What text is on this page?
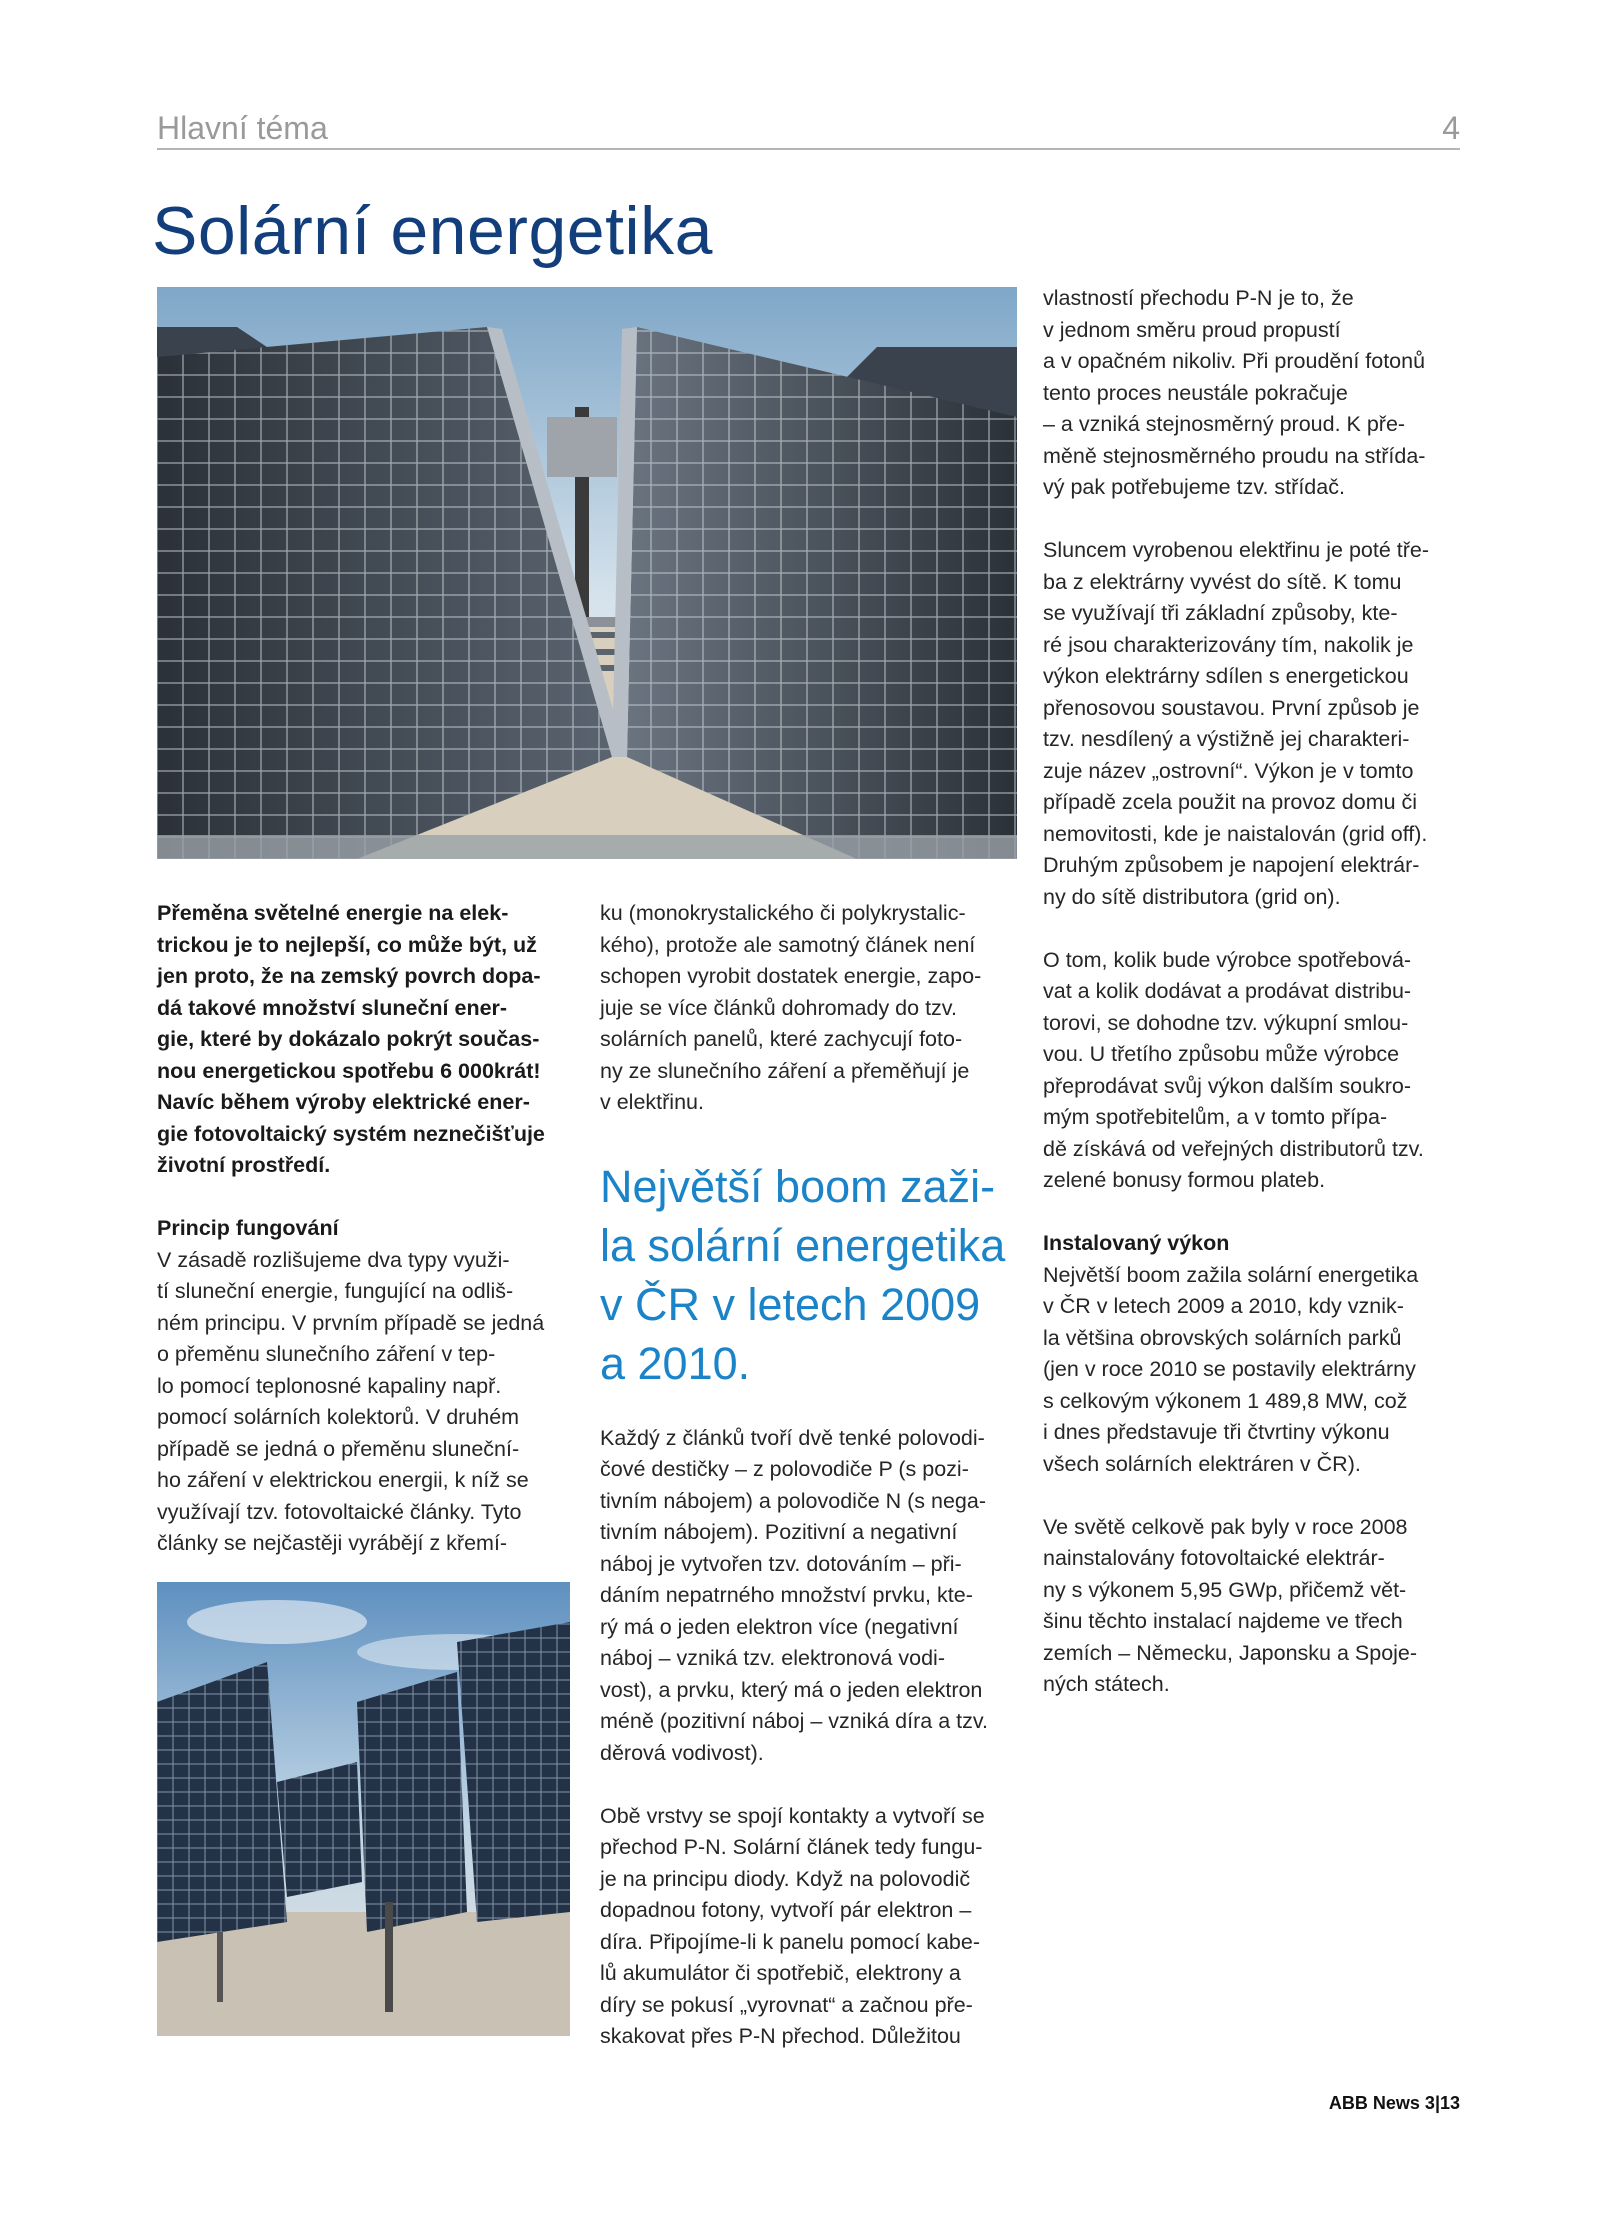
Hlavní téma	4
Solární energetika

Přeměna světelné energie na elek-

trickou je to nejlepší, co může být, už

jen proto, že na zemský povrch dopa-

dá takové množství sluneční ener-

gie, které by dokázalo pokrýt součas-

nou energetickou spotřebu 6 000krát!

Navíc během výroby elektrické ener-

gie fotovoltaický systém neznečišťuje

životní prostředí.

Princip fungování

V zásadě rozlišujeme dva typy využi-

tí sluneční energie, fungující na odliš-

ném principu. V prvním případě se jedná

o přeměnu slunečního záření v tep-

lo pomocí teplonosné kapaliny např.

pomocí solárních kolektorů. V druhém

případě se jedná o přeměnu sluneční-

ho záření v elektrickou energii, k níž se

využívají tzv. fotovoltaické články. Tyto

články se nejčastěji vyrábějí z křemí-

ku (monokrystalického či polykrystalic-

kého), protože ale samotný článek není

schopen vyrobit dostatek energie, zapo-

juje se více článků dohromady do tzv.

solárních panelů, které zachycují foto-

ny ze slunečního záření a přeměňují je

v elektřinu.

Největší boom zaži-

la solární energetika

v ČR v letech 2009

a 2010.

Každý z článků tvoří dvě tenké polovodi-

čové destičky – z polovodiče P (s pozi-

tivním nábojem) a polovodiče N (s nega-

tivním nábojem). Pozitivní a negativní

náboj je vytvořen tzv. dotováním – při-

dáním nepatrného množství prvku, kte-

rý má o jeden elektron více (negativní

náboj – vzniká tzv. elektronová vodi-

vost), a prvku, který má o jeden elektron

méně (pozitivní náboj – vzniká díra a tzv.

děrová vodivost).

Obě vrstvy se spojí kontakty a vytvoří se

přechod P-N. Solární článek tedy fungu-

je na principu diody. Když na polovodič

dopadnou fotony, vytvoří pár elektron –

díra. Připojíme-li k panelu pomocí kabe-

lů akumulátor či spotřebič, elektrony a

díry se pokusí „vyrovnat“ a začnou pře-

skakovat přes P-N přechod. Důležitou

vlastností přechodu P-N je to, že

v jednom směru proud propustí

a v opačném nikoliv. Při proudění fotonů

tento proces neustále pokračuje

– a vzniká stejnosměrný proud. K pře-

měně stejnosměrného proudu na střída-

vý pak potřebujeme tzv. střídač.

Sluncem vyrobenou elektřinu je poté tře-

ba z elektrárny vyvést do sítě. K tomu

se využívají tři základní způsoby, kte-

ré jsou charakterizovány tím, nakolik je

výkon elektrárny sdílen s energetickou

přenosovou soustavou. První způsob je

tzv. nesdílený a výstižně jej charakteri-

zuje název „ostrovní“. Výkon je v tomto

případě zcela použit na provoz domu či

nemovitosti, kde je naistalován (grid off).

Druhým způsobem je napojení elektrár-

ny do sítě distributora (grid on).

O tom, kolik bude výrobce spotřebová-

vat a kolik dodávat a prodávat distribu-

torovi, se dohodne tzv. výkupní smlou-

vou. U třetího způsobu může výrobce

přeprodávat svůj výkon dalším soukro-

mým spotřebitelům, a v tomto přípa-

dě získává od veřejných distributorů tzv.

zelené bonusy formou plateb.

Instalovaný výkon

Největší boom zažila solární energetika

v ČR v letech 2009 a 2010, kdy vznik-

la většina obrovských solárních parků

(jen v roce 2010 se postavily elektrárny

s celkovým výkonem 1 489,8 MW, což

i dnes představuje tři čtvrtiny výkonu

všech solárních elektráren v ČR).

Ve světě celkově pak byly v roce 2008

nainstalovány fotovoltaické elektrár-

ny s výkonem 5,95 GWp, přičemž vět-

šinu těchto instalací najdeme ve třech

zemích – Německu, Japonsku a Spoje-

ných státech.

ABB News 3|13
